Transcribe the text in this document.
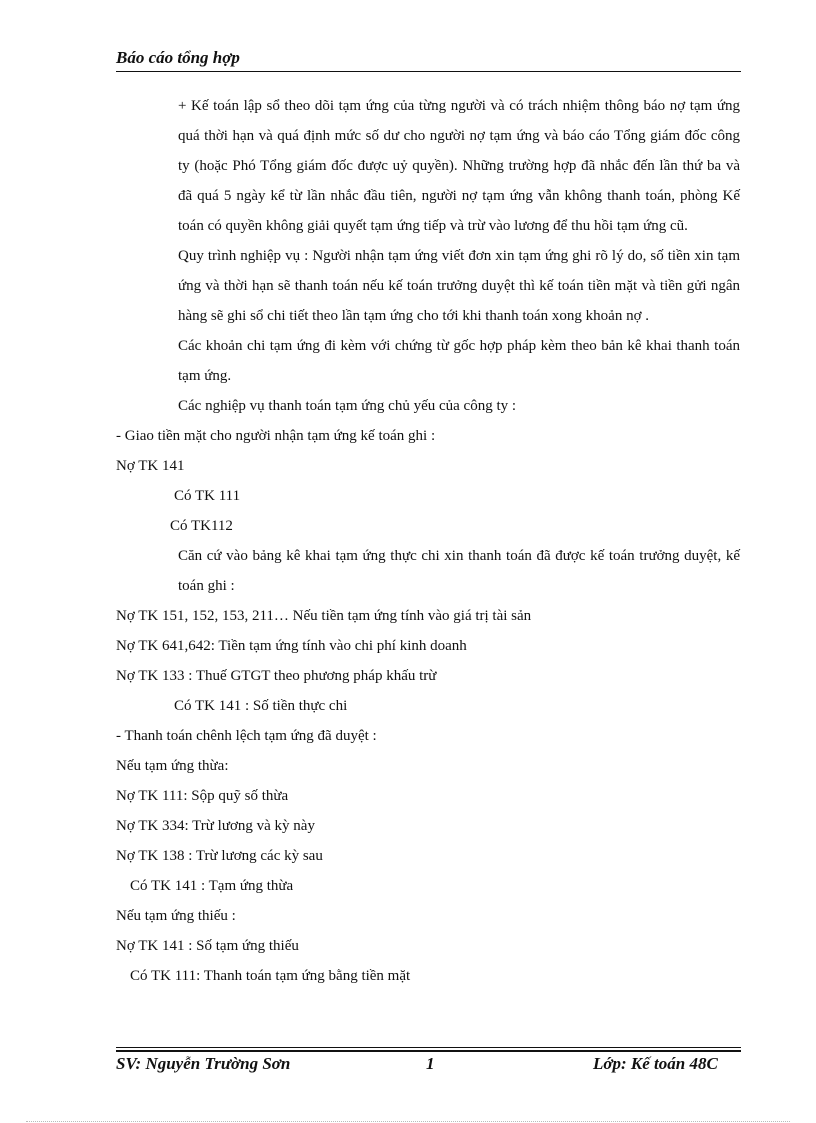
Báo cáo tổng hợp
+ Kế toán lập sổ theo dõi tạm ứng của từng người và có trách nhiệm thông báo nợ tạm ứng quá thời hạn và quá định mức số dư cho người nợ tạm ứng và báo cáo Tổng giám đốc công ty (hoặc Phó Tổng giám đốc được uỷ quyền). Những trường hợp đã nhắc đến lần thứ ba và đã quá 5 ngày kể từ lần nhắc đầu tiên, người nợ tạm ứng vẫn không thanh toán, phòng Kế toán có quyền không giải quyết tạm ứng tiếp và trừ vào lương để thu hồi tạm ứng cũ.
Quy trình nghiệp vụ : Người nhận tạm ứng viết đơn xin tạm ứng ghi rõ lý do, số tiền xin tạm ứng và thời hạn sẽ thanh toán nếu kế toán trưởng duyệt thì kế toán tiền mặt và tiền gửi ngân hàng sẽ ghi sổ chi tiết theo lần tạm ứng cho tới khi thanh toán xong khoản nợ .
Các khoản chi tạm ứng đi kèm với chứng từ gốc hợp pháp kèm theo bản kê khai thanh toán tạm ứng.
Các nghiệp vụ thanh toán tạm ứng chủ yếu của công ty :
- Giao tiền mặt cho người nhận tạm ứng kế toán ghi :
Nợ TK 141
Có TK 111
Có TK112
Căn cứ vào bảng kê khai tạm ứng thực chi xin thanh toán đã được kế toán trưởng duyệt, kế toán ghi :
Nợ TK 151, 152, 153, 211… Nếu tiền tạm ứng tính vào giá trị tài sản
Nợ TK 641,642: Tiền tạm ứng tính vào chi phí kinh doanh
Nợ TK 133 : Thuế GTGT theo phương pháp khấu trừ
Có TK 141 : Số tiền thực chi
- Thanh toán chênh lệch tạm ứng đã duyệt :
Nếu tạm ứng thừa:
Nợ TK 111: Sộp quỹ số thừa
Nợ TK 334: Trừ lương và kỳ này
Nợ TK 138 : Trừ lương các kỳ sau
Có TK 141 : Tạm ứng thừa
Nếu tạm ứng thiếu :
Nợ TK 141 : Số tạm ứng thiếu
Có TK 111: Thanh toán tạm ứng bằng tiền mặt
SV: Nguyễn Trường Sơn	1	Lớp: Kế toán 48C
